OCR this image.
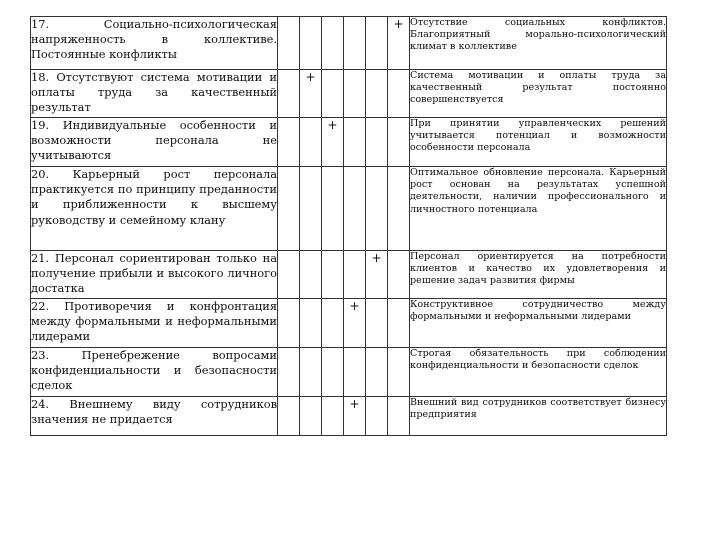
17. Социально-психологическая напряженность в коллективе. Постоянные конфликты						+	Отсутствие социальных конфликтов. Благоприятный морально-психологический климат в коллективе
18. Отсутствуют система мотивации и оплаты труда за качественный результат		+					Система мотивации и оплаты труда за качественный результат постоянно совершенствуется
19. Индивидуальные особенности и возможности персонала не учитываются			+				При принятии управленческих решений учитывается потенциал и возможности особенности персонала
20. Карьерный рост персонала практикуется по принципу преданности и приближенности к высшему руководству и семейному клану							Оптимальное обновление персонала. Карьерный рост основан на результатах успешной деятельности, наличии профессионального и личностного потенциала
21. Персонал сориентирован только на получение прибыли и высокого личного достатка					+		Персонал ориентируется на потребности клиентов и качество их удовлетворения и решение задач развития фирмы
22. Противоречия и конфронтация между формальными и неформальными лидерами				+			Конструктивное сотрудничество между формальными и неформальными лидерами
23. Пренебрежение вопросами конфиденциальности и безопасности сделок							Строгая обязательность при соблюдении конфиденциальности и безопасности сделок
24. Внешнему виду сотрудников значения не придается				+			Внешний вид сотрудников соответствует бизнесу предприятия
